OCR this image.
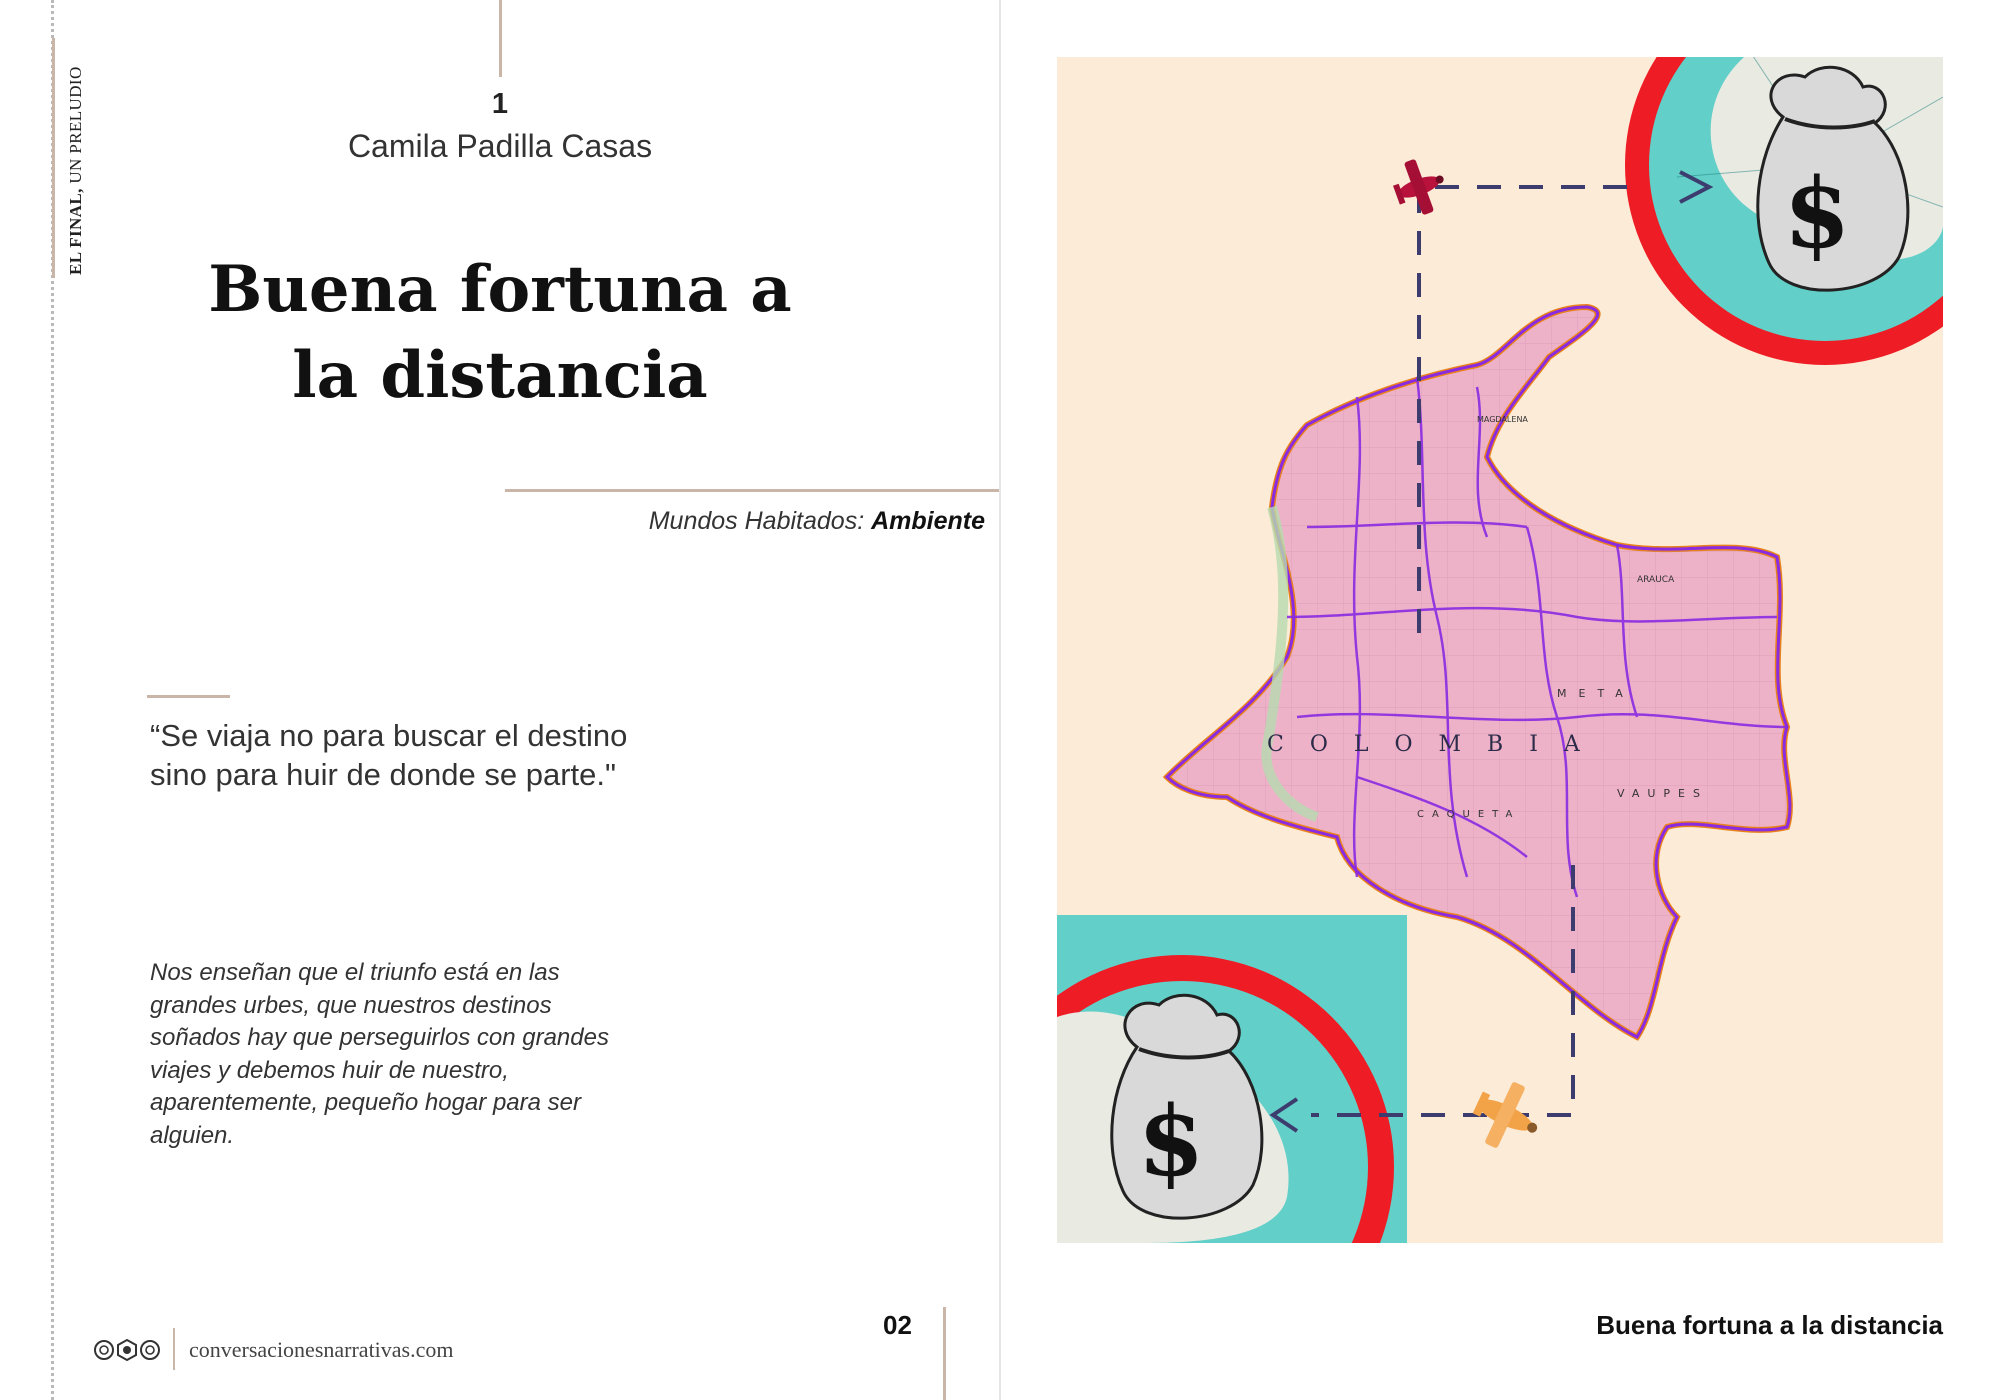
EL FINAL, UN PRELUDIO	1
Camila Padilla Casas
Buena fortuna a
la distancia
Mundos Habitados: Ambiente
“Se viaja no para buscar el destino sino para huir de donde se parte."
Nos enseñan que el triunfo está en las grandes urbes, que nuestros destinos soñados hay que perseguirlos con grandes viajes y debemos huir de nuestro, aparentemente, pequeño hogar para ser alguien.
conversacionesnarrativas.com
02
$
$
COLOMBIA
MAGDALENA
ARAUCA
META
VAUPES
CAQUETA
Buena fortuna a la distancia
